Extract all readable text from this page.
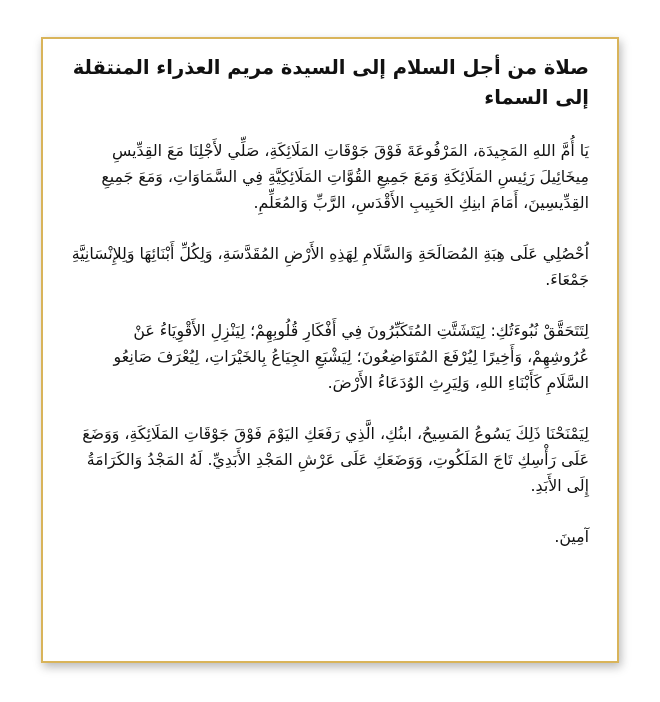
صلاة من أجل السلام إلى السيدة مريم العذراء المنتقلة إلى السماء

يَا أُمَّ اللهِ المَجِيدَة، المَرْفُوعَةَ فَوْقَ جَوْقَاتِ المَلَائِكَةِ، صَلِّي لأَجْلِنَا مَعَ القِدِّيسِ مِيخَائِيلَ رَئِيسِ المَلَائِكَةِ وَمَعَ جَمِيعِ القُوَّاتِ المَلَائِكِيَّةِ فِي السَّمَاوَاتِ، وَمَعَ جَمِيعِ القِدِّيسِينَ، أَمَامَ ابنِكِ الحَبِيبِ الأَقْدَسِ، الرَّبِّ وَالمُعَلِّمِ.

اُحْصُلِي عَلَى هِبَةِ المُصَالَحَةِ وَالسَّلَامِ لِهَذِهِ الأَرْضِ المُقَدَّسَةِ، وَلِكُلِّ أَبْنَائِهَا وَلِلإِنْسَانِيَّةِ جَمْعَاءَ.

لِتَتَحَقَّقْ نُبُوءَتُكِ: لِيَتَشَتَّتِ المُتَكَبِّرُونَ فِي أَفْكَارِ قُلُوبِهِمْ؛ لِيَنْزِلِ الأَقْوِيَاءُ عَنْ عُرُوشِهِمْ، وَأَخِيرًا لِيُرْفَعَ المُتَوَاضِعُونَ؛ لِيَشْبَعِ الجِيَاعُ بِالخَيْرَاتِ، لِيُعْرَفَ صَانِعُو السَّلَامِ كَأَبْنَاءِ اللهِ، وَلِيَرِثِ الوُدَعَاءُ الأَرْضَ.

لِيَمْنَحْنَا ذَلِكَ يَسُوعُ المَسِيحُ، ابنُكِ، الَّذِي رَفَعَكِ اليَوْمَ فَوْقَ جَوْقَاتِ المَلَائِكَةِ، وَوَضَعَ عَلَى رَأْسِكِ تَاجَ المَلَكُوتِ، وَوَضَعَكِ عَلَى عَرْشِ المَجْدِ الأَبَدِيِّ. لَهُ المَجْدُ وَالكَرَامَةُ إِلَى الأَبَدِ.

آمِينَ.
